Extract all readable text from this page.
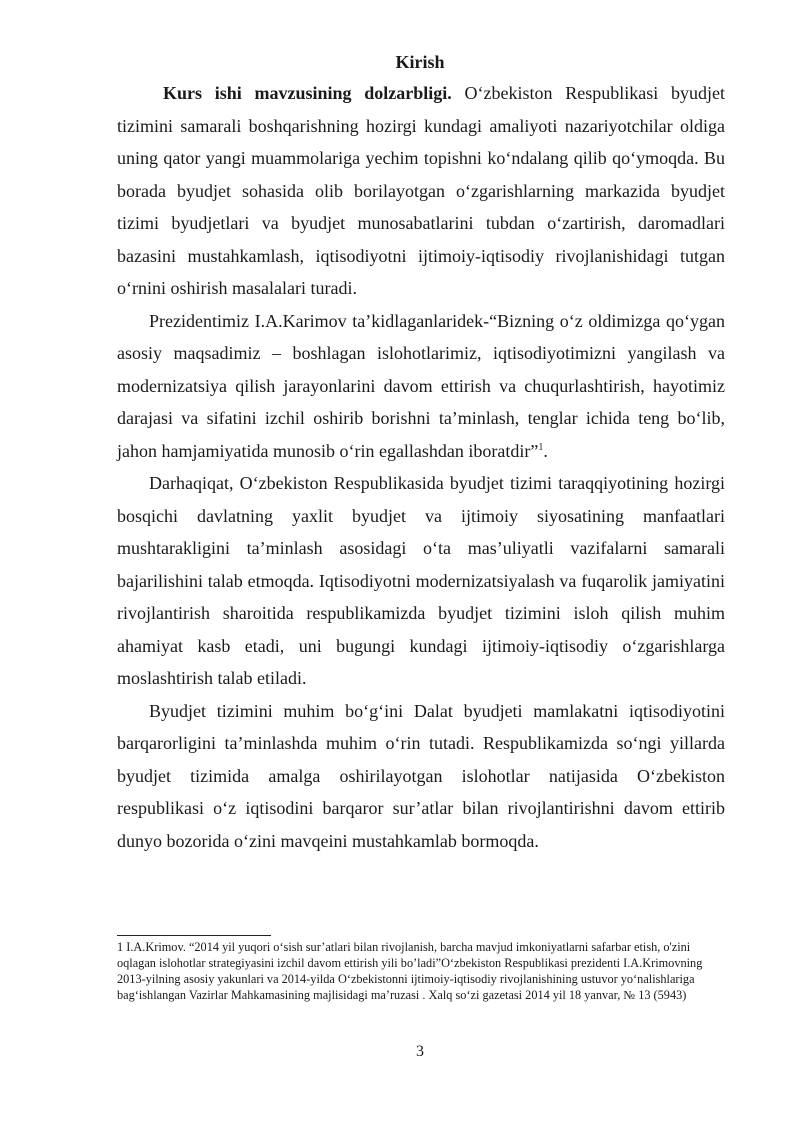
Kirish

Kurs ishi mavzusining dolzarbligi. O‘zbekiston Respublikasi byudjet tizimini samarali boshqarishning hozirgi kundagi amaliyoti nazariyotchilar oldiga uning qator yangi muammolariga yechim topishni ko‘ndalang qilib qo‘ymoqda. Bu borada byudjet sohasida olib borilayotgan o‘zgarishlarning markazida byudjet tizimi byudjetlari va byudjet munosabatlarini tubdan o‘zartirish, daromadlari bazasini mustahkamlash, iqtisodiyotni ijtimoiy-iqtisodiy rivojlanishidagi tutgan o‘rnini oshirish masalalari turadi.

Prezidentimiz I.A.Karimov ta’kidlaganlaridek-“Bizning o‘z oldimizga qo‘ygan asosiy maqsadimiz – boshlagan islohotlarimiz, iqtisodiyotimizni yangilash va modernizatsiya qilish jarayonlarini davom ettirish va chuqurlashtirish, hayotimiz darajasi va sifatini izchil oshirib borishni ta’minlash, tenglar ichida teng bo‘lib, jahon hamjamiyatida munosib o‘rin egallashdan iboratdir”$^1$.

Darhaqiqat, O‘zbekiston Respublikasida byudjet tizimi taraqqiyotining hozirgi bosqichi davlatning yaxlit byudjet va ijtimoiy siyosatining manfaatlari mushtarakligini ta’minlash asosidagi o‘ta mas’uliyatli vazifalarni samarali bajarilishini talab etmoqda. Iqtisodiyotni modernizatsiyalash va fuqarolik jamiyatini rivojlantirish sharoitida respublikamizda byudjet tizimini isloh qilish muhim ahamiyat kasb etadi, uni bugungi kundagi ijtimoiy-iqtisodiy o‘zgarishlarga moslashtirish talab etiladi.

Byudjet tizimini muhim bo‘g‘ini Dalat byudjeti mamlakatni iqtisodiyotini barqarorligini ta’minlashda muhim o‘rin tutadi. Respublikamizda so‘ngi yillarda byudjet tizimida amalga oshirilayotgan islohotlar natijasida O‘zbekiston respublikasi o‘z iqtisodini barqaror sur’atlar bilan rivojlantirishni davom ettirib dunyo bozorida o‘zini mavqeini mustahkamlab bormoqda.

1 I.A.Krimov. “2014 yil yuqori o‘sish sur’atlari bilan rivojlanish, barcha mavjud imkoniyatlarni safarbar etish, o'zini oqlagan islohotlar strategiyasini izchil davom ettirish yili bo’ladi”O‘zbekiston Respublikasi prezidenti I.A.Krimovning 2013-yilning asosiy yakunlari va 2014-yilda O‘zbekistonni ijtimoiy-iqtisodiy rivojlanishining ustuvor yo‘nalishlariga bag‘ishlangan Vazirlar Mahkamasining majlisidagi ma’ruzasi . Xalq so‘zi gazetasi 2014 yil 18 yanvar, № 13 (5943)
3
